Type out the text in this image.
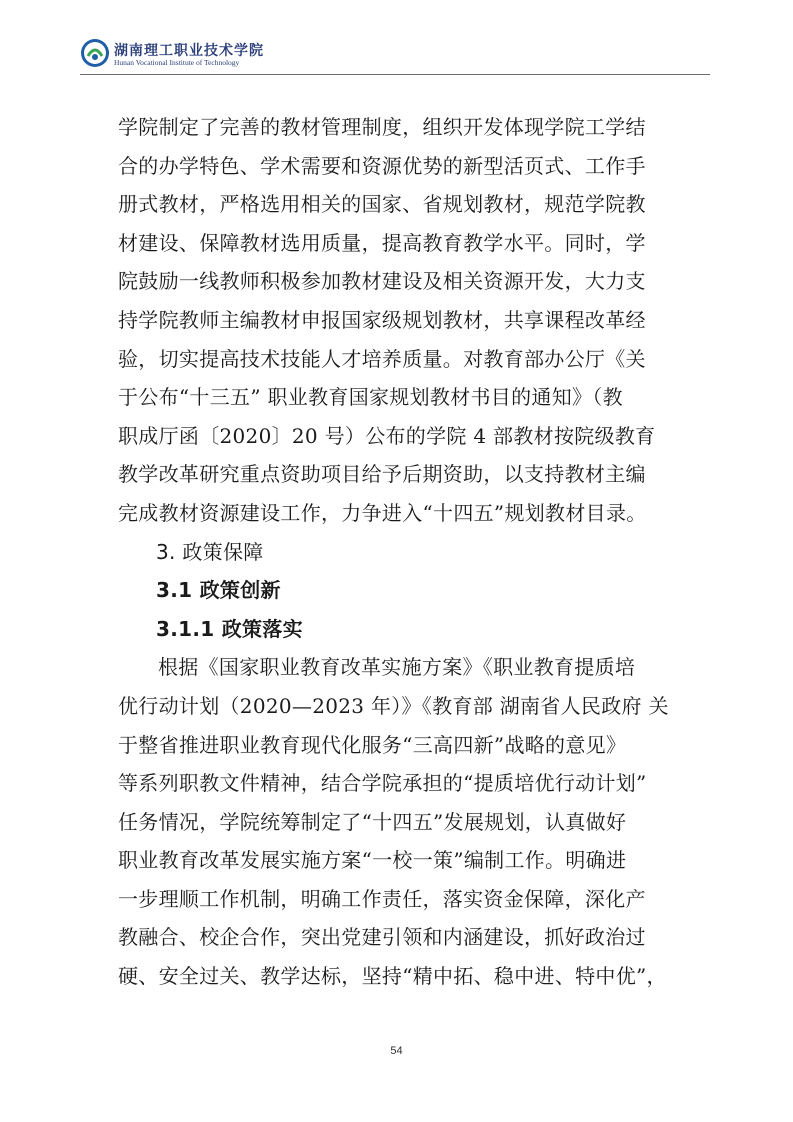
湖南理工职业技术学院
Hunan Vocational Institute of Technology
学院制定了完善的教材管理制度，组织开发体现学院工学结
合的办学特色、学术需要和资源优势的新型活页式、工作手
册式教材，严格选用相关的国家、省规划教材，规范学院教
材建设、保障教材选用质量，提高教育教学水平。同时，学
院鼓励一线教师积极参加教材建设及相关资源开发，大力支
持学院教师主编教材申报国家级规划教材，共享课程改革经
验，切实提高技术技能人才培养质量。对教育部办公厅《关
于公布“十三五” 职业教育国家规划教材书目的通知》（教
职成厅函〔2020〕20 号）公布的学院 4 部教材按院级教育
教学改革研究重点资助项目给予后期资助，以支持教材主编
完成教材资源建设工作，力争进入“十四五”规划教材目录。
3. 政策保障
3.1 政策创新
3.1.1 政策落实
根据《国家职业教育改革实施方案》《职业教育提质培
优行动计划（2020—2023 年）》《教育部 湖南省人民政府 关
于整省推进职业教育现代化服务“三高四新”战略的意见》
等系列职教文件精神，结合学院承担的“提质培优行动计划”
任务情况，学院统筹制定了“十四五”发展规划，认真做好
职业教育改革发展实施方案“一校一策”编制工作。明确进
一步理顺工作机制，明确工作责任，落实资金保障，深化产
教融合、校企合作，突出党建引领和内涵建设，抓好政治过
硬、安全过关、教学达标，坚持“精中拓、稳中进、特中优”，
54
